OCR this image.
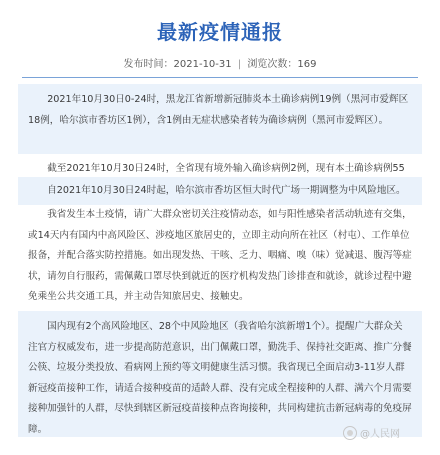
最新疫情通报
发布时间：2021-10-31 | 浏览次数：169

2021年10月30日0-24时，黑龙江省新增新冠肺炎本土确诊病例19例（黑河市爱辉区18例，哈尔滨市香坊区1例），含1例由无症状感染者转为确诊病例（黑河市爱辉区）。

截至2021年10月30日24时，全省现有境外输入确诊病例2例，现有本土确诊病例55

自2021年10月30日24时起，哈尔滨市香坊区恒大时代广场一期调整为中风险地区。

我省发生本土疫情，请广大群众密切关注疫情动态，如与阳性感染者活动轨迹有交集，或14天内有国内中高风险区、涉疫地区旅居史的，立即主动向所在社区（村屯）、工作单位报备，并配合落实防控措施。如出现发热、干咳、乏力、咽痛、嗅（味）觉减退、腹泻等症状，请勿自行服药，需佩戴口罩尽快到就近的医疗机构发热门诊排查和就诊，就诊过程中避免乘坐公共交通工具，并主动告知旅居史、接触史。

国内现有2个高风险地区、28个中风险地区（我省哈尔滨新增1个）。提醒广大群众关注官方权威发布，进一步提高防范意识，出门佩戴口罩，勤洗手、保持社交距离、推广分餐公筷、垃圾分类投放、看病网上预约等文明健康生活习惯。我省现已全面启动3-11岁人群新冠疫苗接种工作，请适合接种疫苗的适龄人群、没有完成全程接种的人群、满六个月需要接种加强针的人群，尽快到辖区新冠疫苗接种点咨询接种，共同构建抗击新冠病毒的免疫屏障。	@人民网
